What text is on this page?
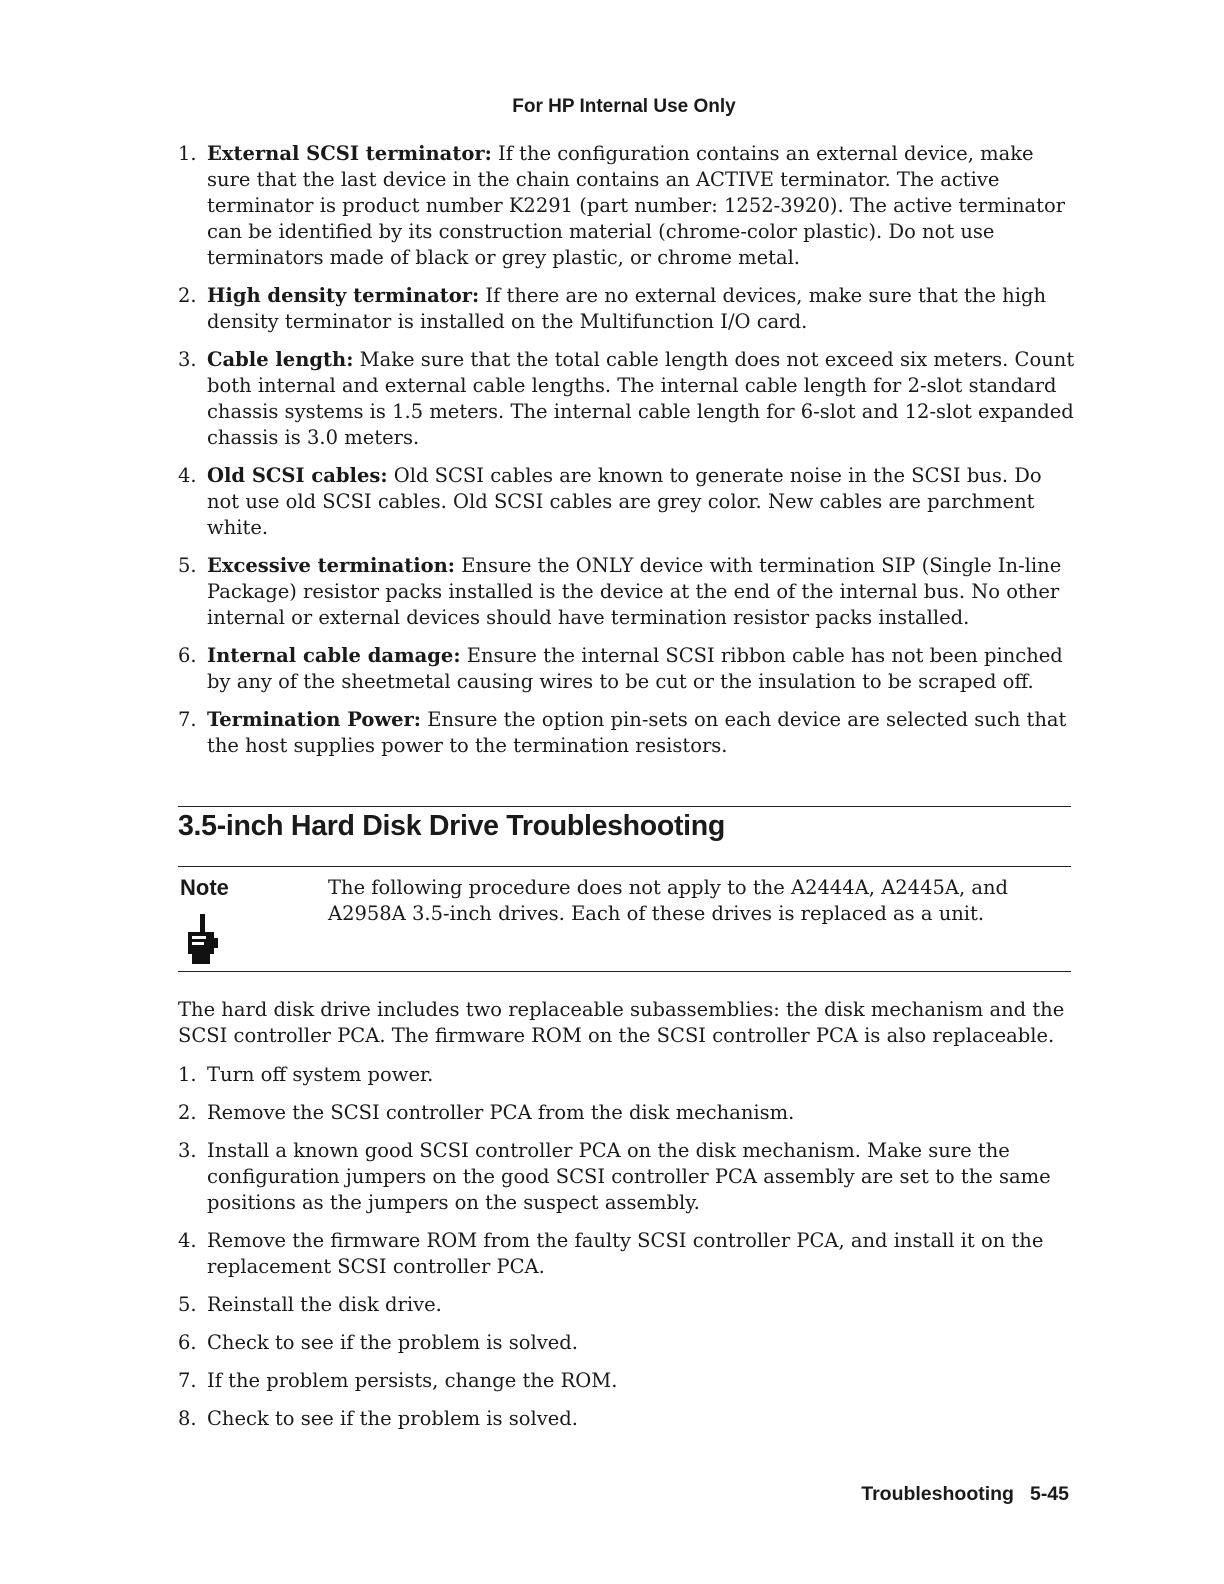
For HP Internal Use Only
1. External SCSI terminator: If the configuration contains an external device, make sure that the last device in the chain contains an ACTIVE terminator. The active terminator is product number K2291 (part number: 1252-3920). The active terminator can be identified by its construction material (chrome-color plastic). Do not use terminators made of black or grey plastic, or chrome metal.
2. High density terminator: If there are no external devices, make sure that the high density terminator is installed on the Multifunction I/O card.
3. Cable length: Make sure that the total cable length does not exceed six meters. Count both internal and external cable lengths. The internal cable length for 2-slot standard chassis systems is 1.5 meters. The internal cable length for 6-slot and 12-slot expanded chassis is 3.0 meters.
4. Old SCSI cables: Old SCSI cables are known to generate noise in the SCSI bus. Do not use old SCSI cables. Old SCSI cables are grey color. New cables are parchment white.
5. Excessive termination: Ensure the ONLY device with termination SIP (Single In-line Package) resistor packs installed is the device at the end of the internal bus. No other internal or external devices should have termination resistor packs installed.
6. Internal cable damage: Ensure the internal SCSI ribbon cable has not been pinched by any of the sheetmetal causing wires to be cut or the insulation to be scraped off.
7. Termination Power: Ensure the option pin-sets on each device are selected such that the host supplies power to the termination resistors.
3.5-inch Hard Disk Drive Troubleshooting
Note	The following procedure does not apply to the A2444A, A2445A, and A2958A 3.5-inch drives. Each of these drives is replaced as a unit.
The hard disk drive includes two replaceable subassemblies: the disk mechanism and the SCSI controller PCA. The firmware ROM on the SCSI controller PCA is also replaceable.
1. Turn off system power.
2. Remove the SCSI controller PCA from the disk mechanism.
3. Install a known good SCSI controller PCA on the disk mechanism. Make sure the configuration jumpers on the good SCSI controller PCA assembly are set to the same positions as the jumpers on the suspect assembly.
4. Remove the firmware ROM from the faulty SCSI controller PCA, and install it on the replacement SCSI controller PCA.
5. Reinstall the disk drive.
6. Check to see if the problem is solved.
7. If the problem persists, change the ROM.
8. Check to see if the problem is solved.
Troubleshooting 5-45
